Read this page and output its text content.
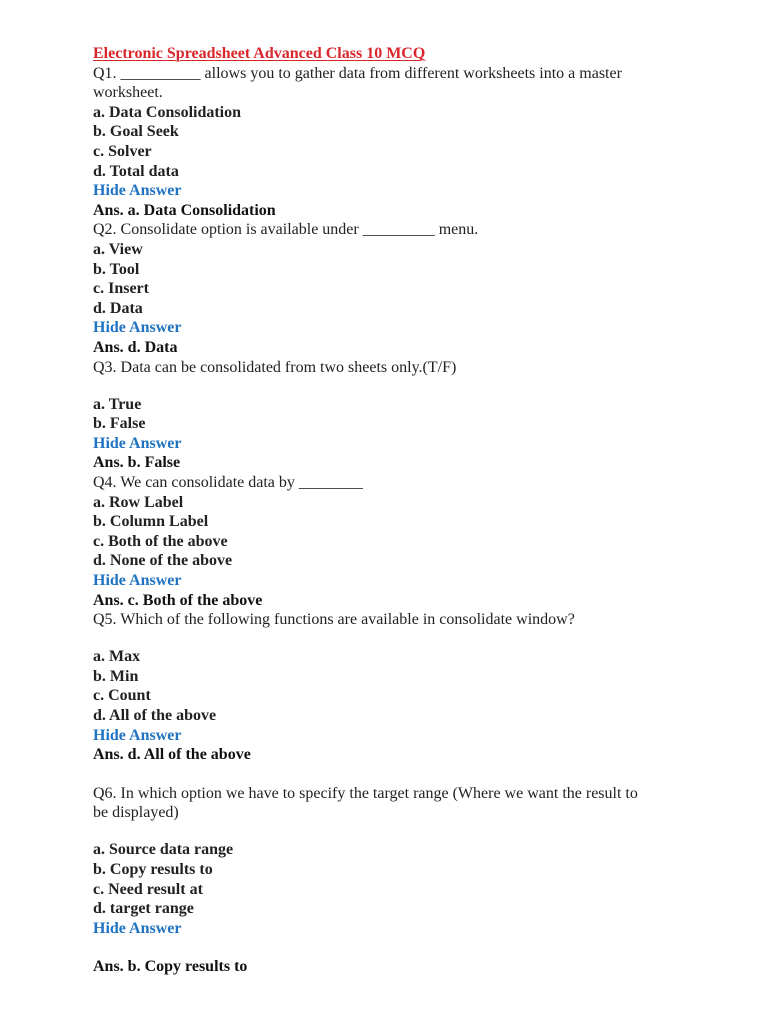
Electronic Spreadsheet Advanced Class 10 MCQ
Q1. __________ allows you to gather data from different worksheets into a master worksheet.
a. Data Consolidation
b. Goal Seek
c. Solver
d. Total data
Hide Answer
Ans. a. Data Consolidation
Q2. Consolidate option is available under _________ menu.
a. View
b. Tool
c. Insert
d. Data
Hide Answer
Ans. d. Data
Q3. Data can be consolidated from two sheets only.(T/F)
a. True
b. False
Hide Answer
Ans. b. False
Q4. We can consolidate data by ________
a. Row Label
b. Column Label
c. Both of the above
d. None of the above
Hide Answer
Ans. c. Both of the above
Q5. Which of the following functions are available in consolidate window?
a. Max
b. Min
c. Count
d. All of the above
Hide Answer
Ans. d. All of the above
Q6. In which option we have to specify the target range (Where we want the result to be displayed)
a. Source data range
b. Copy results to
c. Need result at
d. target range
Hide Answer
Ans. b. Copy results to
